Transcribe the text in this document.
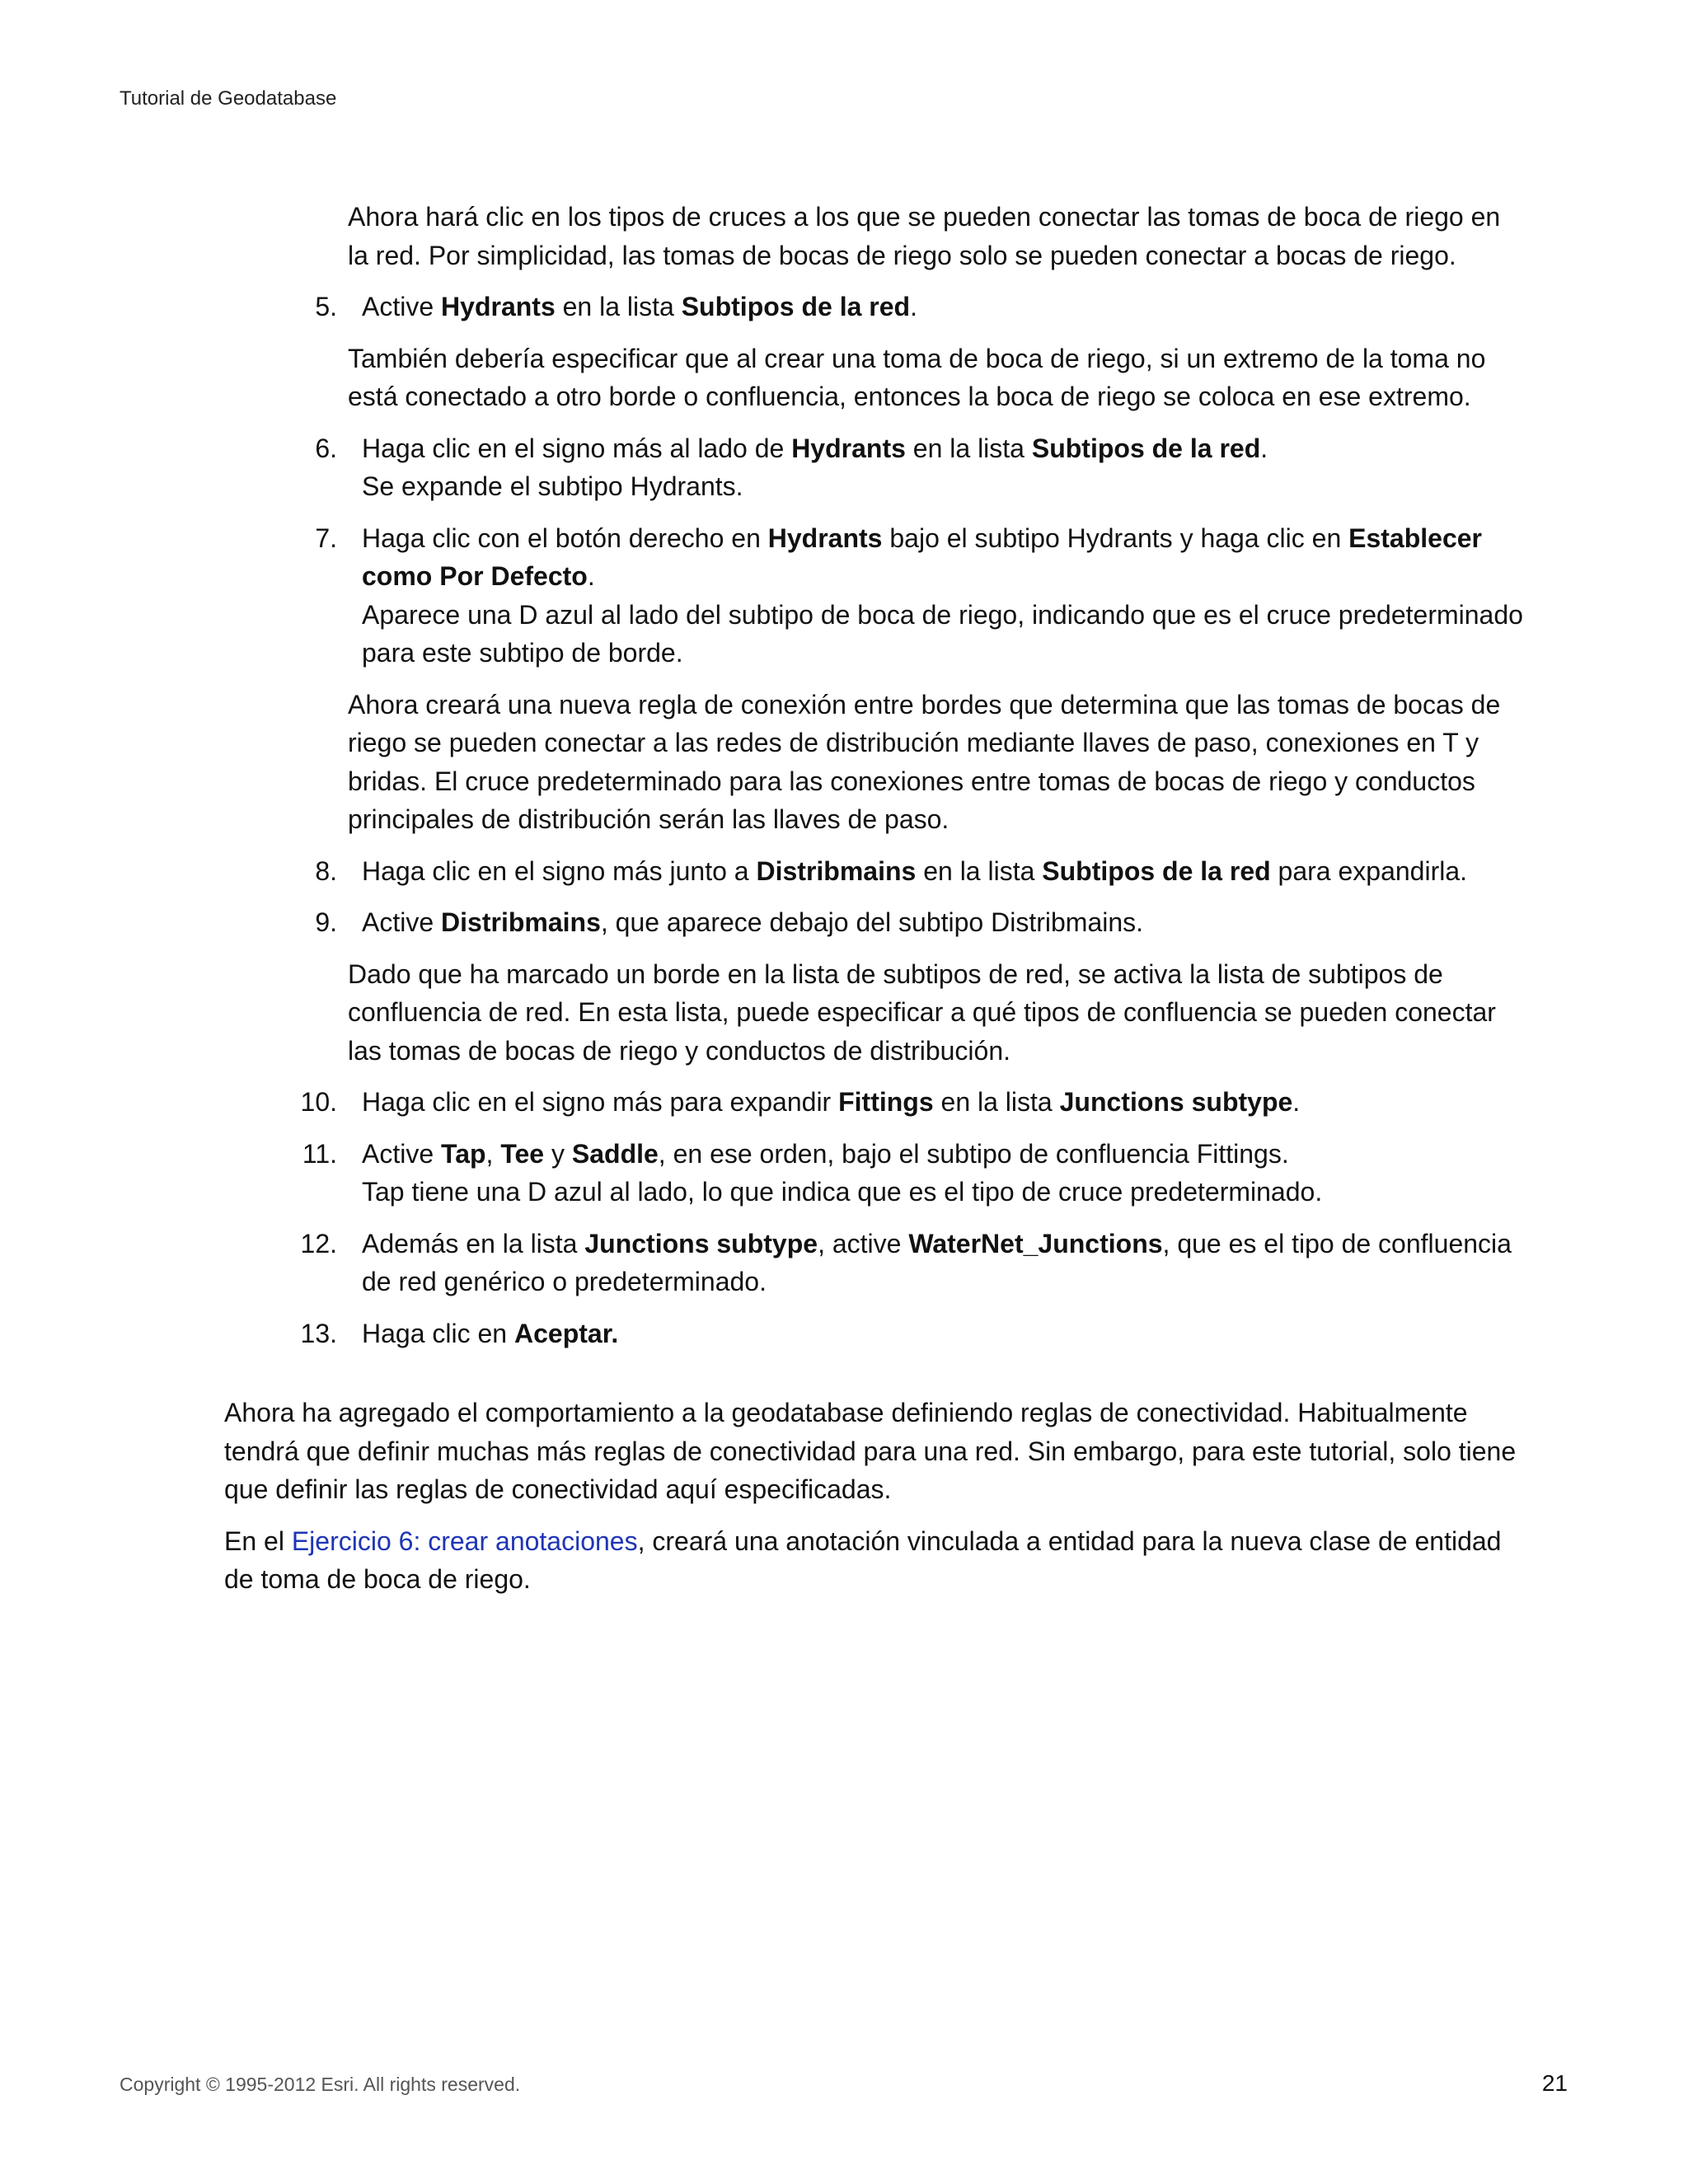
Tutorial de Geodatabase

Ahora hará clic en los tipos de cruces a los que se pueden conectar las tomas de boca de riego en la red. Por simplicidad, las tomas de bocas de riego solo se pueden conectar a bocas de riego.

5. Active Hydrants en la lista Subtipos de la red.

También debería especificar que al crear una toma de boca de riego, si un extremo de la toma no está conectado a otro borde o confluencia, entonces la boca de riego se coloca en ese extremo.

6. Haga clic en el signo más al lado de Hydrants en la lista Subtipos de la red.
Se expande el subtipo Hydrants.
7. Haga clic con el botón derecho en Hydrants bajo el subtipo Hydrants y haga clic en Establecer como Por Defecto.
Aparece una D azul al lado del subtipo de boca de riego, indicando que es el cruce predeterminado para este subtipo de borde.

Ahora creará una nueva regla de conexión entre bordes que determina que las tomas de bocas de riego se pueden conectar a las redes de distribución mediante llaves de paso, conexiones en T y bridas. El cruce predeterminado para las conexiones entre tomas de bocas de riego y conductos principales de distribución serán las llaves de paso.

8. Haga clic en el signo más junto a Distribmains en la lista Subtipos de la red para expandirla.
9. Active Distribmains, que aparece debajo del subtipo Distribmains.

Dado que ha marcado un borde en la lista de subtipos de red, se activa la lista de subtipos de confluencia de red. En esta lista, puede especificar a qué tipos de confluencia se pueden conectar las tomas de bocas de riego y conductos de distribución.

10. Haga clic en el signo más para expandir Fittings en la lista Junctions subtype.
11. Active Tap, Tee y Saddle, en ese orden, bajo el subtipo de confluencia Fittings.
Tap tiene una D azul al lado, lo que indica que es el tipo de cruce predeterminado.
12. Además en la lista Junctions subtype, active WaterNet_Junctions, que es el tipo de confluencia de red genérico o predeterminado.
13. Haga clic en Aceptar.

Ahora ha agregado el comportamiento a la geodatabase definiendo reglas de conectividad. Habitualmente tendrá que definir muchas más reglas de conectividad para una red. Sin embargo, para este tutorial, solo tiene que definir las reglas de conectividad aquí especificadas.

En el Ejercicio 6: crear anotaciones, creará una anotación vinculada a entidad para la nueva clase de entidad de toma de boca de riego.

Copyright © 1995-2012 Esri. All rights reserved.	21
